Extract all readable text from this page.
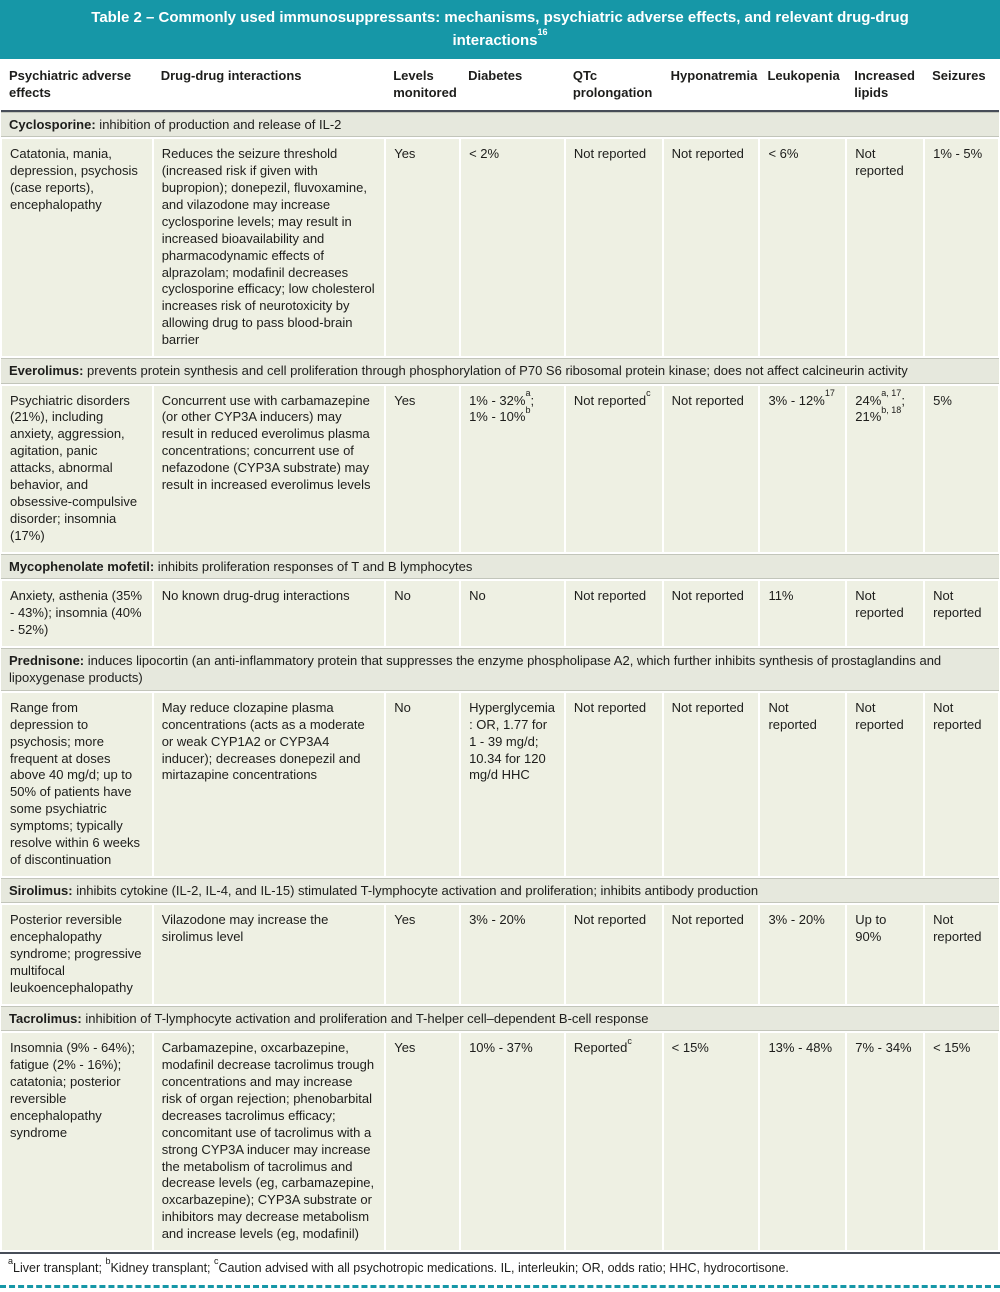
Table 2 – Commonly used immunosuppressants: mechanisms, psychiatric adverse effects, and relevant drug-drug interactions$^{16}$
Psychiatric adverse effects	Drug-drug interactions	Levels monitored	Diabetes	QTc prolongation	Hyponatremia	Leukopenia	Increased lipids	Seizures
Cyclosporine: inhibition of production and release of IL-2								
Catatonia, mania, depression, psychosis (case reports), encephalopathy	Reduces the seizure threshold (increased risk if given with bupropion); donepezil, fluvoxamine, and vilazodone may increase cyclosporine levels; may result in increased bioavailability and pharmacodynamic effects of alprazolam; modafinil decreases cyclosporine efficacy; low cholesterol increases risk of neurotoxicity by allowing drug to pass blood-brain barrier	Yes	< 2%	Not reported	Not reported	< 6%	Not reported	1% - 5%
Everolimus: prevents protein synthesis and cell proliferation through phosphorylation of P70 S6 ribosomal protein kinase; does not affect calcineurin activity								
Psychiatric disorders (21%), including anxiety, aggression, agitation, panic attacks, abnormal behavior, and obsessive-compulsive disorder; insomnia (17%)	Concurrent use with carbamazepine (or other CYP3A inducers) may result in reduced everolimus plasma concentrations; concurrent use of nefazodone (CYP3A substrate) may result in increased everolimus levels	Yes	1% - 32%$^a$; 1% - 10%$^b$	Not reported$^c$	Not reported	3% - 12%$^{17}$	24%$^{a, 17}$; 21%$^{b, 18}$	5%
Mycophenolate mofetil: inhibits proliferation responses of T and B lymphocytes								
Anxiety, asthenia (35% - 43%); insomnia (40% - 52%)	No known drug-drug interactions	No	No	Not reported	Not reported	11%	Not reported	Not reported
Prednisone: induces lipocortin (an anti-inflammatory protein that suppresses the enzyme phospholipase A2, which further inhibits synthesis of prostaglandins and lipoxygenase products)								
Range from depression to psychosis; more frequent at doses above 40 mg/d; up to 50% of patients have some psychiatric symptoms; typically resolve within 6 weeks of discontinuation	May reduce clozapine plasma concentrations (acts as a moderate or weak CYP1A2 or CYP3A4 inducer); decreases donepezil and mirtazapine concentrations	No	Hyperglycemia: OR, 1.77 for 1 - 39 mg/d; 10.34 for 120 mg/d HHC	Not reported	Not reported	Not reported	Not reported	Not reported
Sirolimus: inhibits cytokine (IL-2, IL-4, and IL-15) stimulated T-lymphocyte activation and proliferation; inhibits antibody production								
Posterior reversible encephalopathy syndrome; progressive multifocal leukoencephalopathy	Vilazodone may increase the sirolimus level	Yes	3% - 20%	Not reported	Not reported	3% - 20%	Up to 90%	Not reported
Tacrolimus: inhibition of T-lymphocyte activation and proliferation and T-helper cell–dependent B-cell response								
Insomnia (9% - 64%); fatigue (2% - 16%); catatonia; posterior reversible encephalopathy syndrome	Carbamazepine, oxcarbazepine, modafinil decrease tacrolimus trough concentrations and may increase risk of organ rejection; phenobarbital decreases tacrolimus efficacy; concomitant use of tacrolimus with a strong CYP3A inducer may increase the metabolism of tacrolimus and decrease levels (eg, carbamazepine, oxcarbazepine); CYP3A substrate or inhibitors may decrease metabolism and increase levels (eg, modafinil)	Yes	10% - 37%	Reported$^c$	< 15%	13% - 48%	7% - 34%	< 15%
$^a$Liver transplant; $^b$Kidney transplant; $^c$Caution advised with all psychotropic medications. IL, interleukin; OR, odds ratio; HHC, hydrocortisone.
